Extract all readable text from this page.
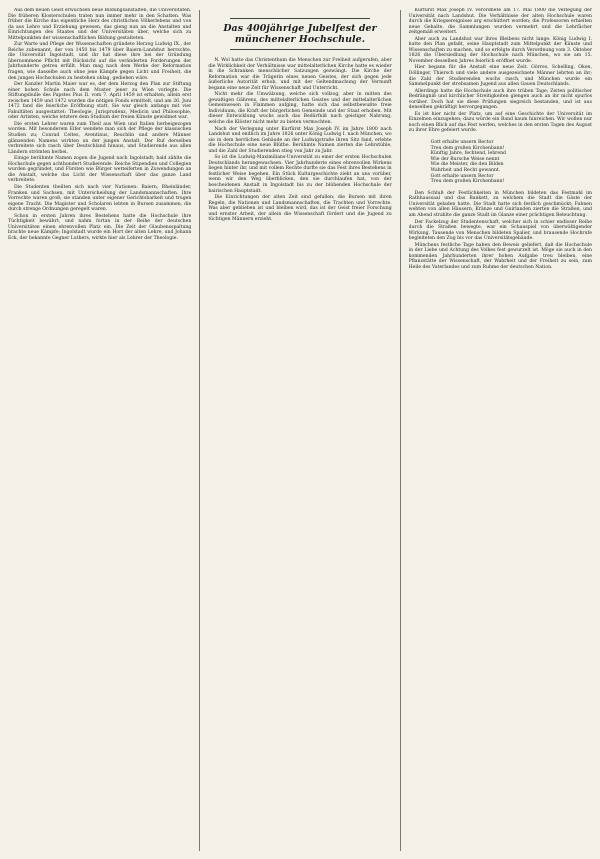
Aus dem neuen Geist erwuchsen neue Bildungsanstalten, die Universitäten. Die früheren Klosterschulen traten nun immer mehr in den Schatten. Was früher die Kirche das eigentliche Herz des christlichen Völkerlebens und von da aus Lehre und Erziehung gewesen, das gieng nun an die Anstalten und Einrichtungen des Staates und der Universitäten über, welche sich zu Mittelpunkten der wissenschaftlichen Bildung gestalteten.

Zur Warte und Pflege der Wissenschaften gründete Herzog Ludwig IX., der Reiche zubenannt, der von 1450 bis 1479 über Baiern-Landshut herrschte, die Universität Ingolstadt, und ihr hat diese ihre bei der Gründung übernommene Pflicht mit Rücksicht auf die veränderten Forderungen der Jahrhunderte getreu erfüllt. Man mag nach dem Werke der Reformation fragen, wie dasselbe auch ohne jene Kämpfe gegen Licht und Freiheit, die den jungen Hochschulen zu bestehen oblag, gediehen wäre.

Der Kanzler Martin Maier war es, der dem Herzog den Plan zur Stiftung einer hohen Schule nach dem Muster jener zu Wien vorlegte. Die Stiftungsbulle des Papstes Pius II. vom 7. April 1459 ist erhalten; allein erst zwischen 1459 und 1472 wurden die nötigen Fonds ermittelt, und am 26. Juni 1472 fand die feierliche Eröffnung statt. Sie war gleich anfangs mit vier Fakultäten ausgestattet: Theologie, Jurisprudenz, Medicin und Philosophie, oder Artisten, welche letztere dem Studium der freien Künste gewidmet war.

Die ersten Lehrer waren zum Theil aus Wien und Italien herbeigezogen worden. Mit besonderem Eifer wendete man sich der Pflege der klassischen Studien zu; Conrad Celtes, Aventinus, Reuchlin und andere Männer glänzenden Namens wirkten an der jungen Anstalt. Der Ruf derselben verbreitete sich rasch über Deutschland hinaus, und Studierende aus allen Ländern strömten herbei.

Einige berühmte Namen zogen die Jugend nach Ingolstadt; bald zählte die Hochschule gegen achthundert Studierende. Reiche Stipendien und Collegien wurden gegründet, und Fürsten wie Bürger wetteiferten in Zuwendungen an die Anstalt, welche das Licht der Wissenschaft über das ganze Land verbreitete.

Die Studenten theilten sich nach vier Nationen: Baiern, Rheinländer, Franken und Sachsen, mit Unterscheidung der Landsmannschaften. Ihre Vorrechte waren groß; sie standen unter eigener Gerichtsbarkeit und trugen eigene Tracht. Die Magister und Scholaren lebten in Bursen zusammen, die durch strenge Ordnungen geregelt waren.

Schon in ersten Jahren ihres Bestehens hatte die Hochschule ihre Tüchtigkeit bewährt, und nahm fortan in der Reihe der deutschen Universitäten einen ehrenvollen Platz ein. Die Zeit der Glaubensspaltung brachte neue Kämpfe; Ingolstadt wurde ein Hort der alten Lehre, und Johann Eck, der bekannte Gegner Luthers, wirkte hier als Lehrer der Theologie.

Das 400jährige Jubelfest der münchener Hochschule.

N. Wol hatte das Christenthum die Menschen zur Freiheit aufgerufen, aber die Wirklichkeit der Verhältnisse war mittelalterlichen Kirche hatte es wieder in die Schranken menschlicher Satzungen gezwängt. Die Kirche der Reformation war die Trägerin eines neuen Geistes, der sich gegen jede äußerliche Autorität erhob, und mit der Geltendmachung der Vernunft begann eine neue Zeit für Wissenschaft und Unterricht.

Nicht mehr die Umwälzung, welche sich vollzog, aber in mitten des gewaltigen Gährens, des mittelalterlichen Geistes und der mittelalterlichen Gemeinwesen in Flammen aufging, hatte sich das selbstbewußte freie Individuum, die Kraft der bürgerlichen Gemeinde und der Staat erhoben. Mit dieser Entwicklung wuchs auch das Bedürfniß nach geistiger Nahrung, welche die Klöster nicht mehr zu bieten vermochten.

Nach der Verlegung unter Kurfürst Max Joseph IV. im Jahre 1800 nach Landshut und endlich im Jahre 1826 unter König Ludwig I. nach München, wo sie in dem herrlichen Gebäude an der Ludwigstraße ihren Sitz fand, erlebte die Hochschule eine neue Blüthe. Berühmte Namen zierten die Lehrstühle, und die Zahl der Studierenden stieg von Jahr zu Jahr.

So ist die Ludwig-Maximilians-Universität zu einer der ersten Hochschulen Deutschlands herangewachsen. Vier Jahrhunderte eines ehrenvollen Wirkens liegen hinter ihr, und mit vollem Rechte durfte sie das Fest ihres Bestehens in festlicher Weise begehen. Ein Stück Kulturgeschichte zieht an uns vorüber, wenn wir den Weg überblicken, den sie durchlaufen hat, von der bescheidenen Anstalt in Ingolstadt bis zu der blühenden Hochschule der bairischen Hauptstadt.

Die Einrichtungen der alten Zeit sind gefallen; die Bursen mit ihren Regeln, die Nationen und Landsmannschaften, die Trachten und Vorrechte. Was aber geblieben ist und bleiben wird, das ist der Geist freier Forschung und ernster Arbeit, der allein die Wissenschaft fördert und die Jugend zu tüchtigen Männern erzieht.

Kurfürst Max Joseph IV. verordnete am 17. Mai 1800 die Verlegung der Universität nach Landshut. Die Verhältnisse der alten Hochschule waren durch die Kriegsereignisse arg erschüttert worden; die Professoren erhielten neue Gehalte, die Sammlungen wurden vermehrt und die Lehrfächer zeitgemäß erweitert.

Aber auch zu Landshut war ihres Bleibens nicht lange. König Ludwig I. hatte den Plan gefaßt, seine Hauptstadt zum Mittelpunkt der Künste und Wissenschaften zu machen, und so erfolgte durch Verordnung vom 3. Oktober 1826 die Übersiedlung der Hochschule nach München, wo sie am 15. November desselben Jahres feierlich eröffnet wurde.

Hier begann für die Anstalt eine neue Zeit. Görres, Schelling, Oken, Döllinger, Thiersch und viele andere ausgezeichnete Männer lehrten an ihr; die Zahl der Studierenden wuchs rasch, und München wurde ein Sammelpunkt der strebsamen Jugend aus allen Gauen Deutschlands.

Allerdings hatte die Hochschule auch ihre trüben Tage; Zeiten politischer Bedrängniß und kirchlicher Streitigkeiten giengen auch an ihr nicht spurlos vorüber. Doch hat sie diese Prüfungen siegreich bestanden, und ist aus denselben gekräftigt hervorgegangen.

Es ist hier nicht der Platz, um auf eine Geschichte der Universität im Einzelnen einzugehen; dazu würde ein Band kaum hinreichen. Wir wollen nur noch einen Blick auf das Fest werfen, welches in den ersten Tagen des August zu ihrer Ehre gefeiert wurde.

Gott erhalte unsern Rector
Treu dem großen Kirchenbann!
Künftig Jahre, fechtend, lehrend
Wie der Bursche Weise nennt
Wie die Meister, die den Bilden
Wahrheit und Recht gewannt.
Gott erhalte unsern Rector
Treu dem großen Kirchenbann!

Den Schluß der Festlichkeiten in München bildeten das Festmahl im Rathhaussaal und das Bankett, zu welchem die Stadt die Gäste der Universität geladen hatte. Die Stadt hatte sich festlich geschmückt; Fahnen wehten von allen Häusern, Kränze und Guirlanden zierten die Straßen, und am Abend strahlte die ganze Stadt im Glanze einer prächtigen Beleuchtung.

Der Fackelzug der Studentenschaft, welcher sich in schier endloser Reihe durch die Straßen bewegte, war ein Schauspiel von überwältigender Wirkung. Tausende von Menschen bildeten Spalier, und brausende Hochrufe begleiteten den Zug bis vor das Universitätsgebäude.

Münchens festliche Tage haben den Beweis geliefert, daß die Hochschule in der Liebe und Achtung des Volkes fest gewurzelt ist. Möge sie auch in den kommenden Jahrhunderten ihrer hohen Aufgabe treu bleiben, eine Pflanzstätte der Wissenschaft, der Wahrheit und der Freiheit zu sein, zum Heile des Vaterlandes und zum Ruhme der deutschen Nation.
